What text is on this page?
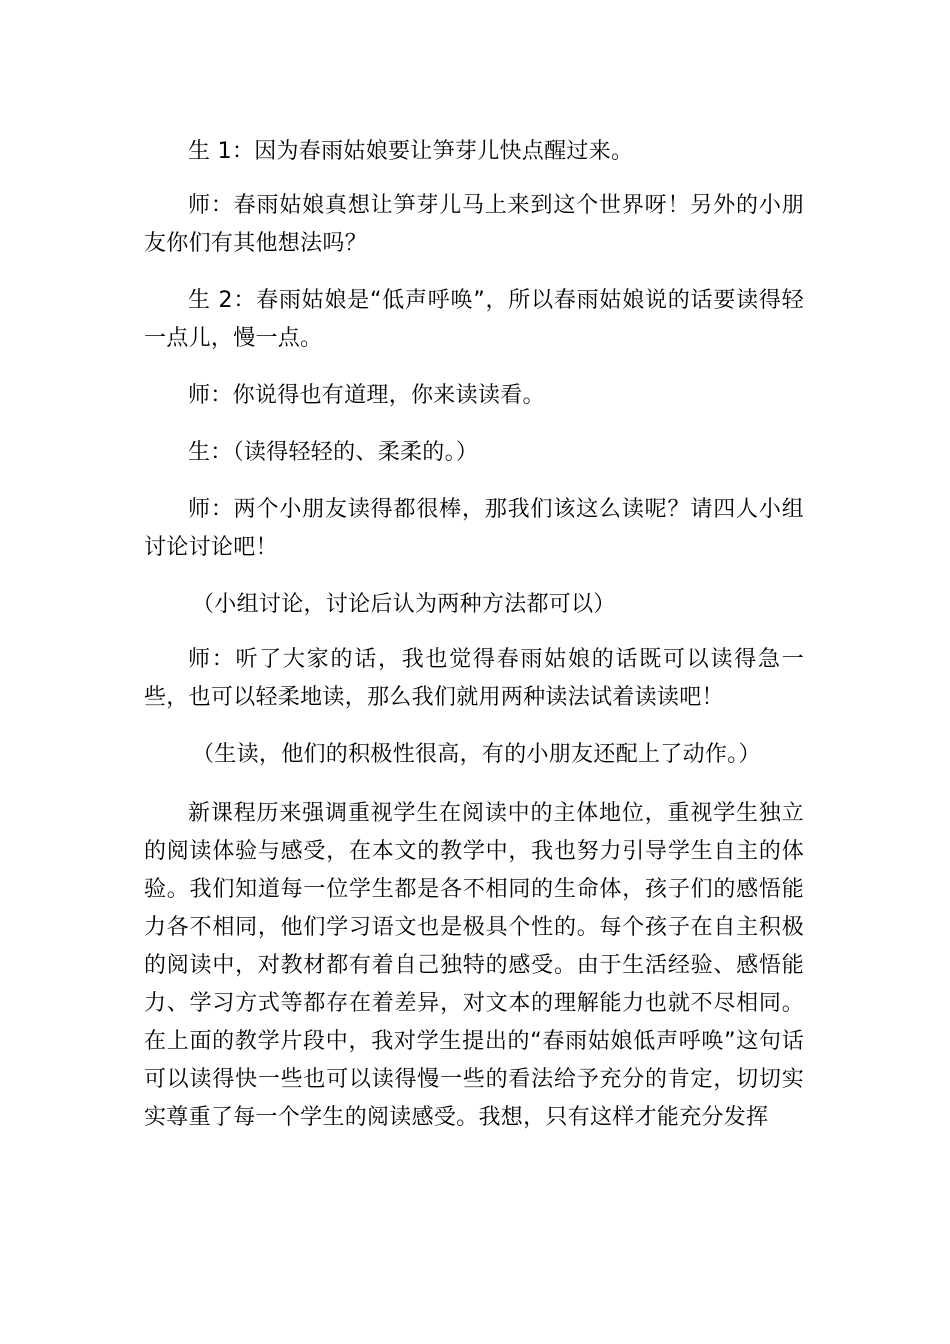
生 1：因为春雨姑娘要让笋芽儿快点醒过来。

师：春雨姑娘真想让笋芽儿马上来到这个世界呀！另外的小朋友你们有其他想法吗？

生 2：春雨姑娘是“低声呼唤”，所以春雨姑娘说的话要读得轻一点儿，慢一点。

师：你说得也有道理，你来读读看。

生：（读得轻轻的、柔柔的。）

师：两个小朋友读得都很棒，那我们该这么读呢？请四人小组讨论讨论吧！

（小组讨论，讨论后认为两种方法都可以）

师：听了大家的话，我也觉得春雨姑娘的话既可以读得急一些，也可以轻柔地读，那么我们就用两种读法试着读读吧！

（生读，他们的积极性很高，有的小朋友还配上了动作。）

新课程历来强调重视学生在阅读中的主体地位，重视学生独立的阅读体验与感受，在本文的教学中，我也努力引导学生自主的体验。我们知道每一位学生都是各不相同的生命体，孩子们的感悟能力各不相同，他们学习语文也是极具个性的。每个孩子在自主积极的阅读中，对教材都有着自己独特的感受。由于生活经验、感悟能力、学习方式等都存在着差异，对文本的理解能力也就不尽相同。在上面的教学片段中，我对学生提出的“春雨姑娘低声呼唤”这句话可以读得快一些也可以读得慢一些的看法给予充分的肯定，切切实实尊重了每一个学生的阅读感受。我想，只有这样才能充分发挥
